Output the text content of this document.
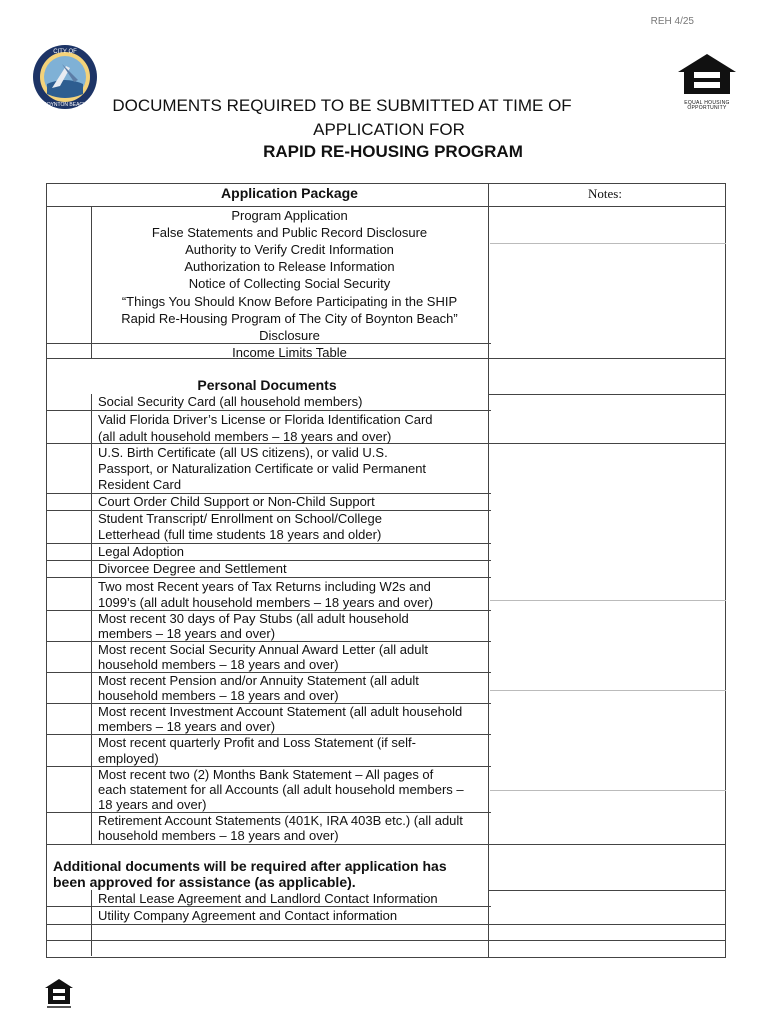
REH 4/25
CITY OF
BOYNTON BEACH	EQUAL HOUSING OPPORTUNITY
DOCUMENTS REQUIRED TO BE SUBMITTED AT TIME OF
APPLICATION FOR
RAPID RE-HOUSING PROGRAM
Application Package	Notes:
Program Application
False Statements and Public Record Disclosure
Authority to Verify Credit Information
Authorization to Release Information
Notice of Collecting Social Security
“Things You Should Know Before Participating in the SHIP
Rapid Re-Housing Program of The City of Boynton Beach”
Disclosure
Income Limits Table
Personal Documents
Social Security Card (all household members)
Valid Florida Driver’s License or Florida Identification Card
(all adult household members – 18 years and over)
U.S. Birth Certificate (all US citizens), or valid U.S.
Passport, or Naturalization Certificate or valid Permanent
Resident Card
Court Order Child Support or Non-Child Support
Student Transcript/ Enrollment on School/College
Letterhead (full time students 18 years and older)
Legal Adoption
Divorcee Degree and Settlement
Two most Recent years of Tax Returns including W2s and
1099’s (all adult household members – 18 years and over)
Most recent 30 days of Pay Stubs (all adult household
members – 18 years and over)
Most recent Social Security Annual Award Letter (all adult
household members – 18 years and over)
Most recent Pension and/or Annuity Statement (all adult
household members – 18 years and over)
Most recent Investment Account Statement (all adult household
members – 18 years and over)
Most recent quarterly Profit and Loss Statement (if self-
employed)
Most recent two (2) Months Bank Statement – All pages of
each statement for all Accounts (all adult household members –
18 years and over)
Retirement Account Statements (401K, IRA 403B etc.) (all adult
household members – 18 years and over)
Additional documents will be required after application has
been approved for assistance (as applicable).
Rental Lease Agreement and Landlord Contact Information
Utility Company Agreement and Contact information
